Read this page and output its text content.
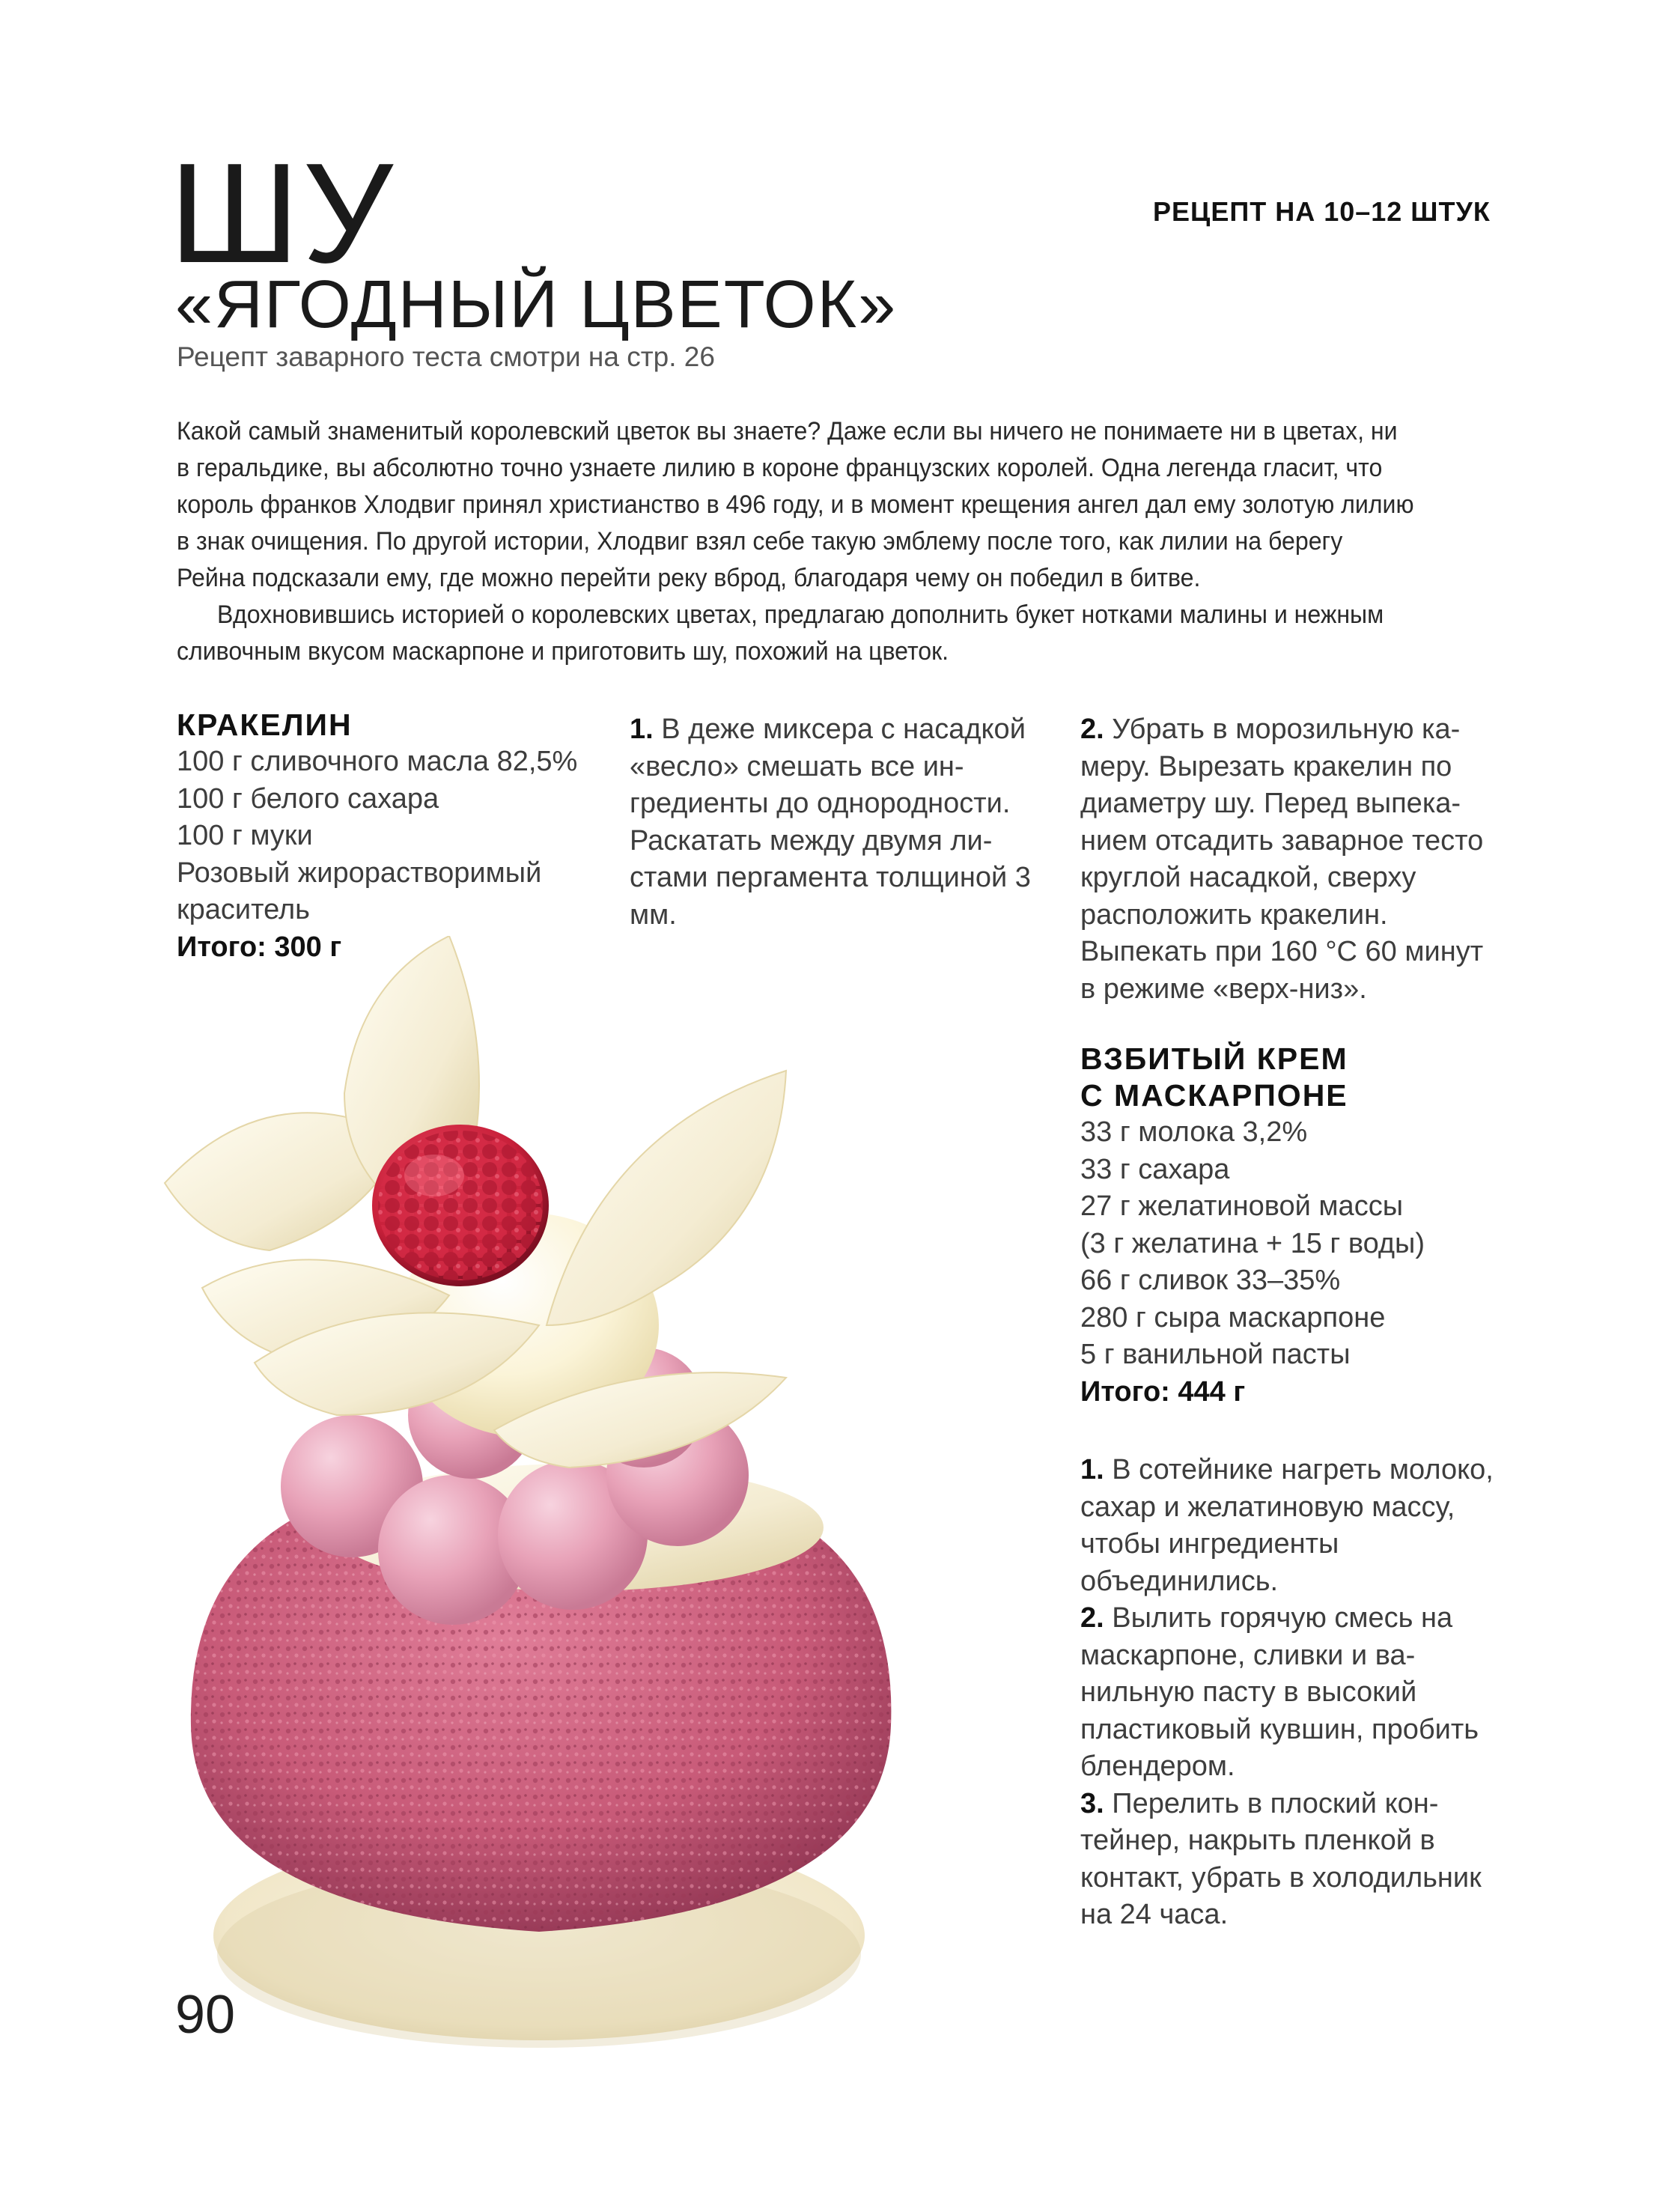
ШУ
«ЯГОДНЫЙ ЦВЕТОК»

Рецепт заварного теста смотри на стр. 26

РЕЦЕПТ НА 10–12 ШТУК

Какой самый знаменитый королевский цветок вы знаете? Даже если вы ничего не понимаете ни в цветах, ни в геральдике, вы абсолютно точно узнаете лилию в короне французских королей. Одна легенда гласит, что король франков Хлодвиг принял христианство в 496 году, и в момент крещения ангел дал ему золотую лилию в знак очищения. По другой истории, Хлодвиг взял себе такую эмблему после того, как лилии на берегу Рейна подсказали ему, где можно перейти реку вброд, благодаря чему он победил в битве.

Вдохновившись историей о королевских цветах, предлагаю дополнить букет нотками малины и нежным сливочным вкусом маскарпоне и приготовить шу, похожий на цветок.

КРАКЕЛИН

100 г сливочного масла 82,5%

100 г белого сахара

100 г муки

Розовый жирорастворимый краситель

Итого: 300 г

1. В деже миксера с насадкой «весло» смешать все ингредиенты до однородности. Раскатать между двумя листами пергамента толщиной 3 мм.

2. Убрать в морозильную камеру. Вырезать кракелин по диаметру шу. Перед выпеканием отсадить заварное тесто круглой насадкой, сверху расположить кракелин. Выпекать при 160 °С 60 минут в режиме «верх-низ».

ВЗБИТЫЙ КРЕМ
С МАСКАРПОНЕ

33 г молока 3,2%

33 г сахара

27 г желатиновой массы

(3 г желатина + 15 г воды)

66 г сливок 33–35%

280 г сыра маскарпоне

5 г ванильной пасты

Итого: 444 г

1. В сотейнике нагреть молоко, сахар и желатиновую массу, чтобы ингредиенты объединились.

2. Вылить горячую смесь на маскарпоне, сливки и ванильную пасту в высокий пластиковый кувшин, пробить блендером.

3. Перелить в плоский контейнер, накрыть пленкой в контакт, убрать в холодильник на 24 часа.

90
